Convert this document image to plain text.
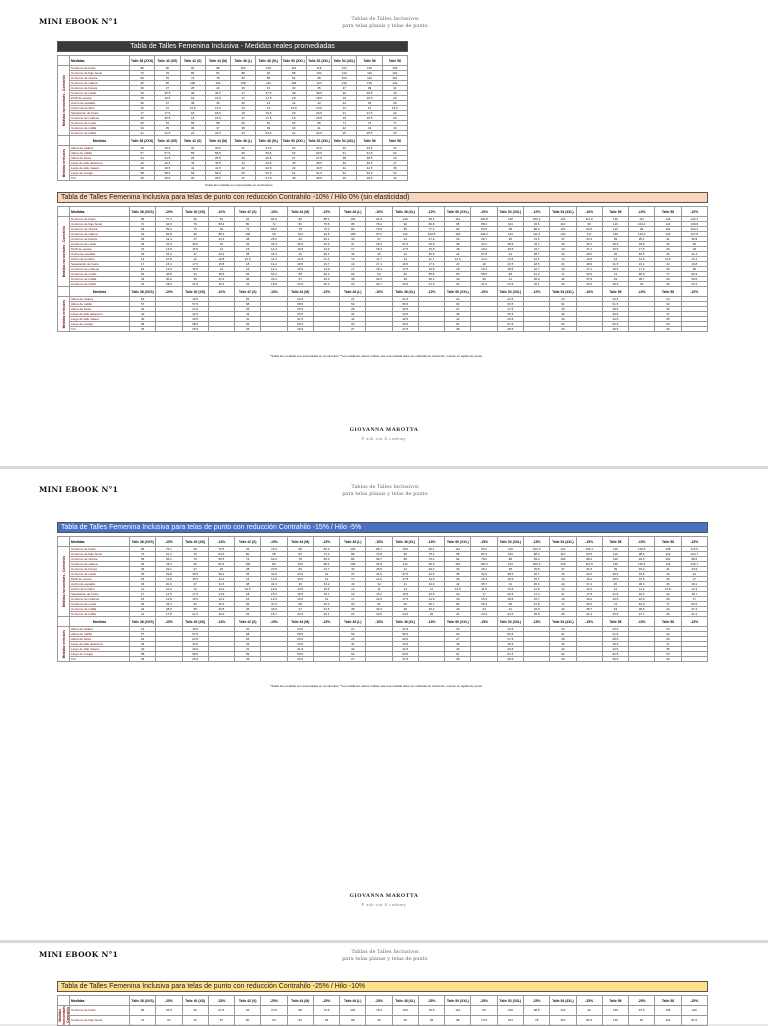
MINI EBOOK N°1	Tablas de Talles Inclusivos
para telas planas y telas de punto
Tabla de Talles Femenina Inclusiva - Medidas reales promediadas
	Medidas	Talle 38 (XXS)	Talle 40 (XS)	Talle 42 (S)	Talle 44 (M)	Talle 46 (L)	Talle 48 (XL)	Talle 50 (XXL)	Talle 52 (3XL)	Talle 54 (4XL)	Talle 56	Talle 58

Medidas horizontales - Contrahilo	Contorno de busto	86	90	94	98	102	106	112	118	124	130	136
	Contorno de bajo busto	72	76	80	84	88	92	98	104	110	116	122
	Contorno de cintura	66	70	74	78	82	86	92	98	104	110	116
	Contorno de cadera	92	96	100	104	108	112	118	124	130	136	142
	Contorno de bíceps	26	27	28	29	30	31	33	35	37	39	41
	Contorno de cuello	35	35.5	36	36.5	37	37.5	38	38.5	39	39.5	40
	Perfil de escote	15	15.5	16	16.5	17	17.5	18	18.5	19	19.5	20
	Ancho de espalda	36	37	38	39	40	41	42	43	44	45	46
	Ancho de hombro	12	12	12.5	12.5	13	13	13.5	13.5	14	14	14.5
	Separación de busto	17	17.5	18	18.5	19	19.5	20	20.5	21	21.5	22
	Contorno de muñeca	15	15.5	16	16.5	17	17.5	18	18.5	19	19.5	20
	Contorno de muslo	52	54	56	58	60	62	65	68	71	74	77
	Contorno de rodilla	34	35	36	37	38	39	40	41	42	43	44
	Contorno de tobillo	21	21.5	22	22.5	23	23.5	24	24.5	25	25.5	26
	Medidas	Talle 38 (XXS)	Talle 40 (XS)	Talle 42 (S)	Talle 44 (M)	Talle 46 (L)	Talle 48 (XL)	Talle 50 (XXL)	Talle 52 (3XL)	Talle 54 (4XL)	Talle 56	Talle 58

Medidas verticales	Altura de cadera	19	19.5	20	20.5	21	21.5	22	22.5	23	23.5	24
	Altura de rodilla	57	57.5	58	58.5	59	59.5	60	60.5	61	61.5	62
	Altura de busto	24	24.5	25	25.5	26	26.5	27	27.5	28	28.5	29
	Largo de talle delantero	42	42.5	43	43.5	44	44.5	45	45.5	46	46.5	47
	Largo de talle trasero	40	40.5	41	41.5	42	42.5	43	43.5	44	44.5	45
	Largo de manga	58	58.5	59	59.5	60	60.5	61	61.5	62	62.5	63
	Tiro	25	25.5	26	26.5	27	27.5	28	28.5	29	29.5	30
Todas las medidas son expresadas en centímetros
Tabla de Talles Femenina Inclusiva para telas de punto con reducción Contrahilo -10% / Hilo 0% (sin elasticidad)
	Medidas	Talle 38 (XXS)	-10%	Talle 40 (XS)	-10%	Talle 42 (S)	-10%	Talle 44 (M)	-10%	Talle 46 (L)	-10%	Talle 48 (XL)	-10%	Talle 50 (XXL)	-10%	Talle 52 (3XL)	-10%	Talle 54 (4XL)	-10%	Talle 56	-10%	Talle 58	-10%

Medidas horizontales - Contrahilo	Contorno de busto	86	77.4	90	81	94	84.6	98	88.2	102	91.8	106	95.4	112	100.8	118	106.2	124	111.6	130	117	136	122.4
	Contorno de bajo busto	72	64.8	76	68.4	80	72	84	75.6	88	79.2	92	82.8	98	88.2	104	93.6	110	99	116	104.4	122	109.8
	Contorno de cintura	66	59.4	70	63	74	66.6	78	70.2	82	73.8	86	77.4	92	82.8	98	88.2	104	93.6	110	99	116	104.4
	Contorno de cadera	92	82.8	96	86.4	100	90	104	93.6	108	97.2	112	100.8	118	106.2	124	111.6	130	117	136	122.4	142	127.8
	Contorno de bíceps	26	23.4	27	24.3	28	25.2	29	26.1	30	27	31	27.9	33	29.7	35	31.5	37	33.3	39	35.1	41	36.9
	Contorno de cuello	35	31.5	35.5	32	36	32.4	36.5	32.9	37	33.3	37.5	33.8	38	34.2	38.5	34.7	39	35.1	39.5	35.6	40	36
	Perfil de escote	15	13.5	15.5	14	16	14.4	16.5	14.9	17	15.3	17.5	15.8	18	16.2	18.5	16.7	19	17.1	19.5	17.6	20	18
	Ancho de espalda	36	32.4	37	33.3	38	34.2	39	35.1	40	36	41	36.9	42	37.8	43	38.7	44	39.6	45	40.5	46	41.4
	Ancho de hombro	12	10.8	12	10.8	12.5	11.3	12.5	11.3	13	11.7	13	11.7	13.5	12.2	13.5	12.2	14	12.6	14	12.6	14.5	13.1
	Separación de busto	17	15.3	17.5	15.8	18	16.2	18.5	16.7	19	17.1	19.5	17.6	20	18	20.5	18.5	21	18.9	21.5	19.4	22	19.8
	Contorno de muñeca	15	13.5	15.5	14	16	14.4	16.5	14.9	17	15.3	17.5	15.8	18	16.2	18.5	16.7	19	17.1	19.5	17.6	20	18
	Contorno de muslo	52	46.8	54	48.6	56	50.4	58	52.2	60	54	62	55.8	65	58.5	68	61.2	71	63.9	74	66.6	77	69.3
	Contorno de rodilla	34	30.6	35	31.5	36	32.4	37	33.3	38	34.2	39	35.1	40	36	41	36.9	42	37.8	43	38.7	44	39.6
	Contorno de tobillo	21	18.9	21.5	19.4	22	19.8	22.5	20.3	23	20.7	23.5	21.2	24	21.6	24.5	22.1	25	22.5	25.5	23	26	23.4
	Medidas	Talle 38 (XXS)	-10%	Talle 40 (XS)	-10%	Talle 42 (S)	-10%	Talle 44 (M)	-10%	Talle 46 (L)	-10%	Talle 48 (XL)	-10%	Talle 50 (XXL)	-10%	Talle 52 (3XL)	-10%	Talle 54 (4XL)	-10%	Talle 56	-10%	Talle 58	-10%

Medidas verticales	Altura de cadera	19		19.5		20		20.5		21		21.5		22		22.5		23		23.5		24	
	Altura de rodilla	57		57.5		58		58.5		59		59.5		60		60.5		61		61.5		62	
	Altura de busto	24		24.5		25		25.5		26		26.5		27		27.5		28		28.5		29	
	Largo de talle delantero	42		42.5		43		43.5		44		44.5		45		45.5		46		46.5		47	
	Largo de talle trasero	40		40.5		41		41.5		42		42.5		43		43.5		44		44.5		45	
	Largo de manga	58		58.5		59		59.5		60		60.5		61		61.5		62		62.5		63	
	Tiro	25		25.5		26		26.5		27		27.5		28		28.5		29		29.5		30	
*Todas las medidas son expresadas en centímetros **Los casilleros vacíos indican que esa medida debe ser utilizada sin reducción, incluso en tejidos de punto
GIOVANNA MAROTTA
F ash ion A cademy
MINI EBOOK N°1	Tablas de Talles Inclusivos
para telas planas y telas de punto
Tabla de Talles Femenina Inclusiva para telas de punto con reducción Contrahilo -15% / Hilo -5%
	Medidas	Talle 38 (XXS)	-15%	Talle 40 (XS)	-15%	Talle 42 (S)	-15%	Talle 44 (M)	-15%	Talle 46 (L)	-15%	Talle 48 (XL)	-15%	Talle 50 (XXL)	-15%	Talle 52 (3XL)	-15%	Talle 54 (4XL)	-15%	Talle 56	-15%	Talle 58	-15%

Medidas horizontales - Contrahilo	Contorno de busto	86	73.1	90	76.5	94	79.9	98	83.3	102	86.7	106	90.1	112	95.2	118	100.3	124	105.4	130	110.5	136	115.6
	Contorno de bajo busto	72	61.2	76	64.6	80	68	84	71.4	88	74.8	92	78.2	98	83.3	104	88.4	110	93.5	116	98.6	122	103.7
	Contorno de cintura	66	56.1	70	59.5	74	62.9	78	66.3	82	69.7	86	73.1	92	78.2	98	83.3	104	88.4	110	93.5	116	98.6
	Contorno de cadera	92	78.2	96	81.6	100	85	104	88.4	108	91.8	112	95.2	118	100.3	124	105.4	130	110.5	136	115.6	142	120.7
	Contorno de bíceps	26	22.1	27	23	28	23.8	29	24.7	30	25.5	31	26.4	33	28.1	35	29.8	37	31.5	39	33.2	41	34.9
	Contorno de cuello	35	29.8	35.5	30.2	36	30.6	36.5	31	37	31.5	37.5	31.9	38	32.3	38.5	32.7	39	33.2	39.5	33.6	40	34
	Perfil de escote	15	12.8	15.5	13.2	16	13.6	16.5	14	17	14.5	17.5	14.9	18	15.3	18.5	15.7	19	16.2	19.5	16.6	20	17
	Ancho de espalda	36	30.6	37	31.5	38	32.3	39	33.2	40	34	41	34.9	42	35.7	43	36.6	44	37.4	45	38.3	46	39.1
	Ancho de hombro	12	10.2	12	10.2	12.5	10.6	12.5	10.6	13	11	13	11	13.5	11.5	13.5	11.5	14	11.9	14	11.9	14.5	12.3
	Separación de busto	17	14.5	17.5	14.9	18	15.3	18.5	15.7	19	16.2	19.5	16.6	20	17	20.5	17.4	21	17.8	21.5	18.3	22	18.7
	Contorno de muñeca	15	12.8	15.5	13.2	16	13.6	16.5	14	17	14.5	17.5	14.9	18	15.3	18.5	15.7	19	16.2	19.5	16.6	20	17
	Contorno de muslo	52	44.2	54	45.9	56	47.6	58	49.3	60	51	62	52.7	65	55.3	68	57.8	71	60.4	74	62.9	77	65.5
	Contorno de rodilla	34	28.9	35	29.8	36	30.6	37	31.5	38	32.3	39	33.2	40	34	41	34.9	42	35.7	43	36.6	44	37.4
	Contorno de tobillo	21	17.8	21.5	18.3	22	18.7	22.5	19.1	23	19.6	23.5	20	24	20.4	24.5	20.8	25	21.3	25.5	21.7	26	22.1
	Medidas	Talle 38 (XXS)	-15%	Talle 40 (XS)	-15%	Talle 42 (S)	-15%	Talle 44 (M)	-15%	Talle 46 (L)	-15%	Talle 48 (XL)	-15%	Talle 50 (XXL)	-15%	Talle 52 (3XL)	-15%	Talle 54 (4XL)	-15%	Talle 56	-15%	Talle 58	-15%

Medidas verticales	Altura de cadera	19		19.5		20		20.5		21		21.5		22		22.5		23		23.5		24	
	Altura de rodilla	57		57.5		58		58.5		59		59.5		60		60.5		61		61.5		62	
	Altura de busto	24		24.5		25		25.5		26		26.5		27		27.5		28		28.5		29	
	Largo de talle delantero	42		42.5		43		43.5		44		44.5		45		45.5		46		46.5		47	
	Largo de talle trasero	40		40.5		41		41.5		42		42.5		43		43.5		44		44.5		45	
	Largo de manga	58		58.5		59		59.5		60		60.5		61		61.5		62		62.5		63	
	Tiro	25		25.5		26		26.5		27		27.5		28		28.5		29		29.5		30	
*Todas las medidas son expresadas en centímetros **Los casilleros vacíos indican que esa medida debe ser utilizada sin reducción, incluso en tejidos de punto
GIOVANNA MAROTTA
F ash ion A cademy
MINI EBOOK N°1	Tablas de Talles Inclusivos
para telas planas y telas de punto
Tabla de Talles Femenina Inclusiva para telas de punto con reducción Contrahilo -25% / Hilo -10%
	Medidas	Talle 38 (XXS)	-25%	Talle 40 (XS)	-25%	Talle 42 (S)	-25%	Talle 44 (M)	-25%	Talle 46 (L)	-25%	Talle 48 (XL)	-25%	Talle 50 (XXL)	-25%	Talle 52 (3XL)	-25%	Talle 54 (4XL)	-25%	Talle 56	-25%	Talle 58	-25%

Medidas horizontales - Contrahilo	Contorno de busto	86	64.5	90	67.5	94	70.5	98	73.5	102	76.5	106	79.5	112	84	118	88.5	124	93	130	97.5	136	102
	Contorno de bajo busto	72	54	76	57	80	60	84	63	88	66	92	69	98	73.5	104	78	110	82.5	116	87	122	91.5
